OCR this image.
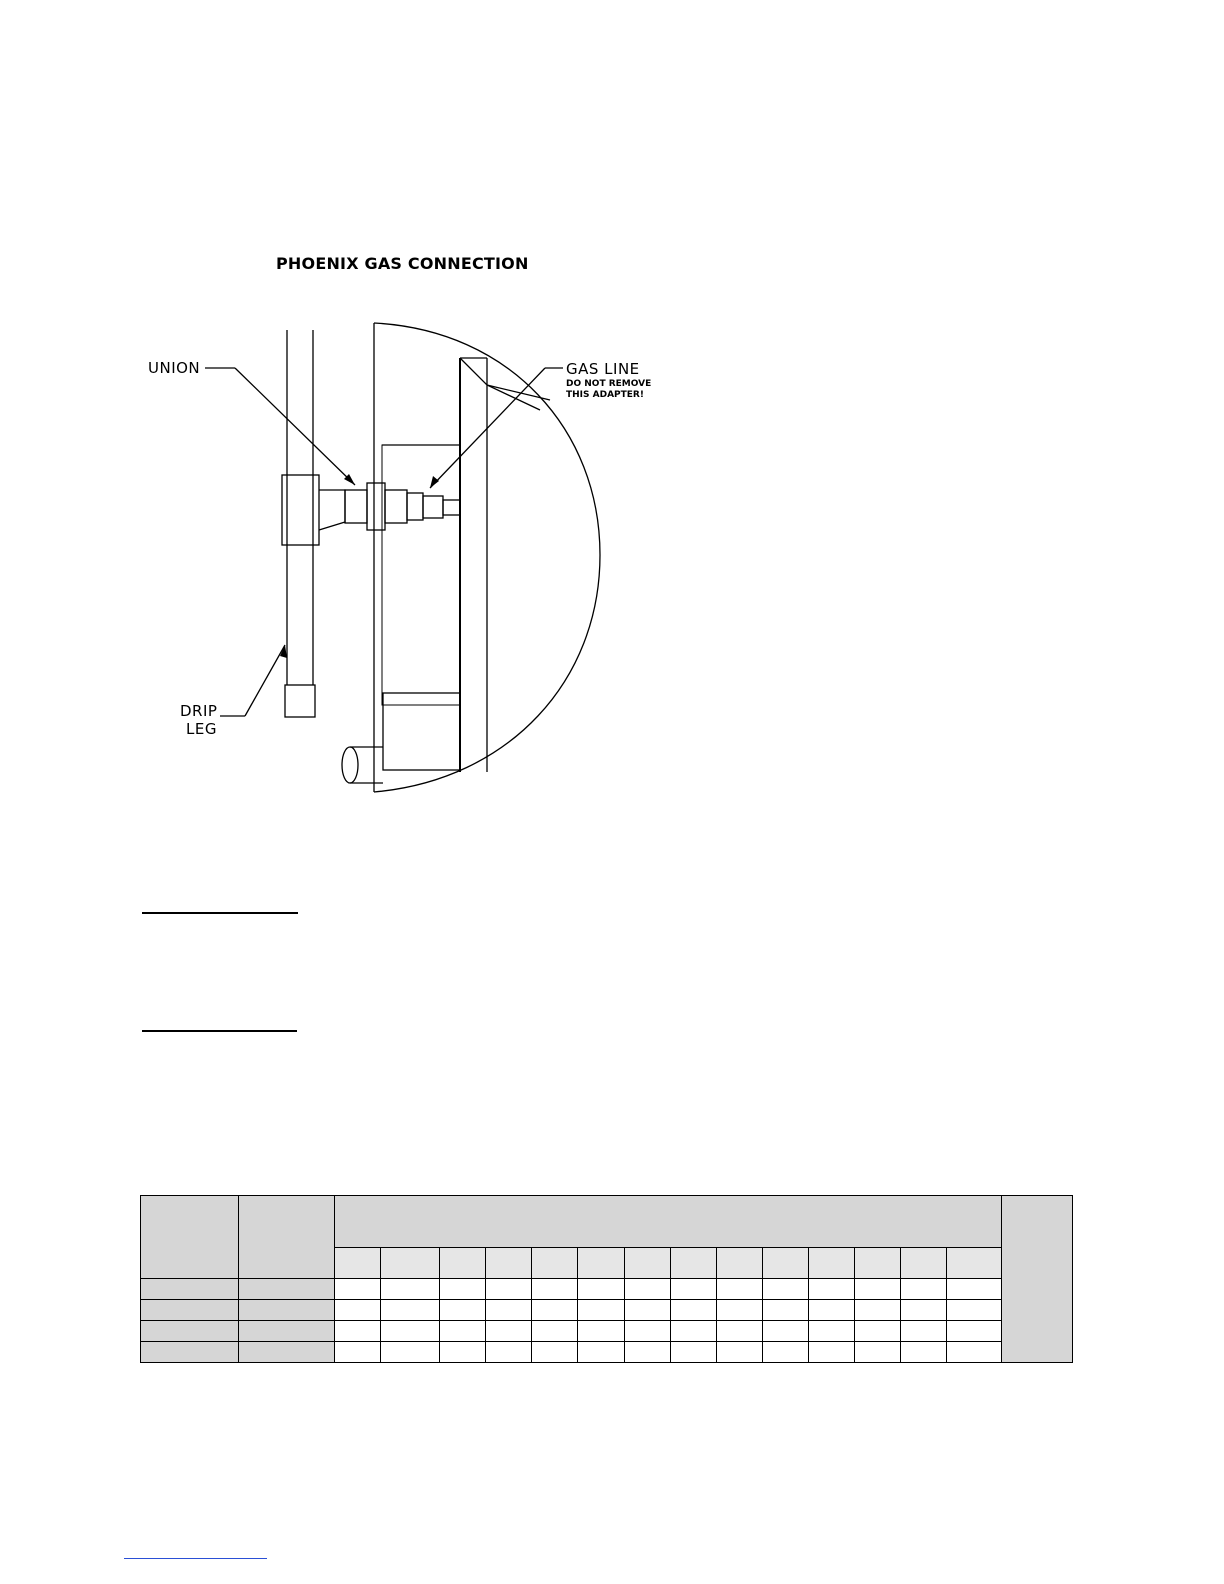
PHOENIX GAS CONNECTION
UNION	GAS LINE
DO NOT REMOVE
THIS ADAPTER!
DRIP
LEG
